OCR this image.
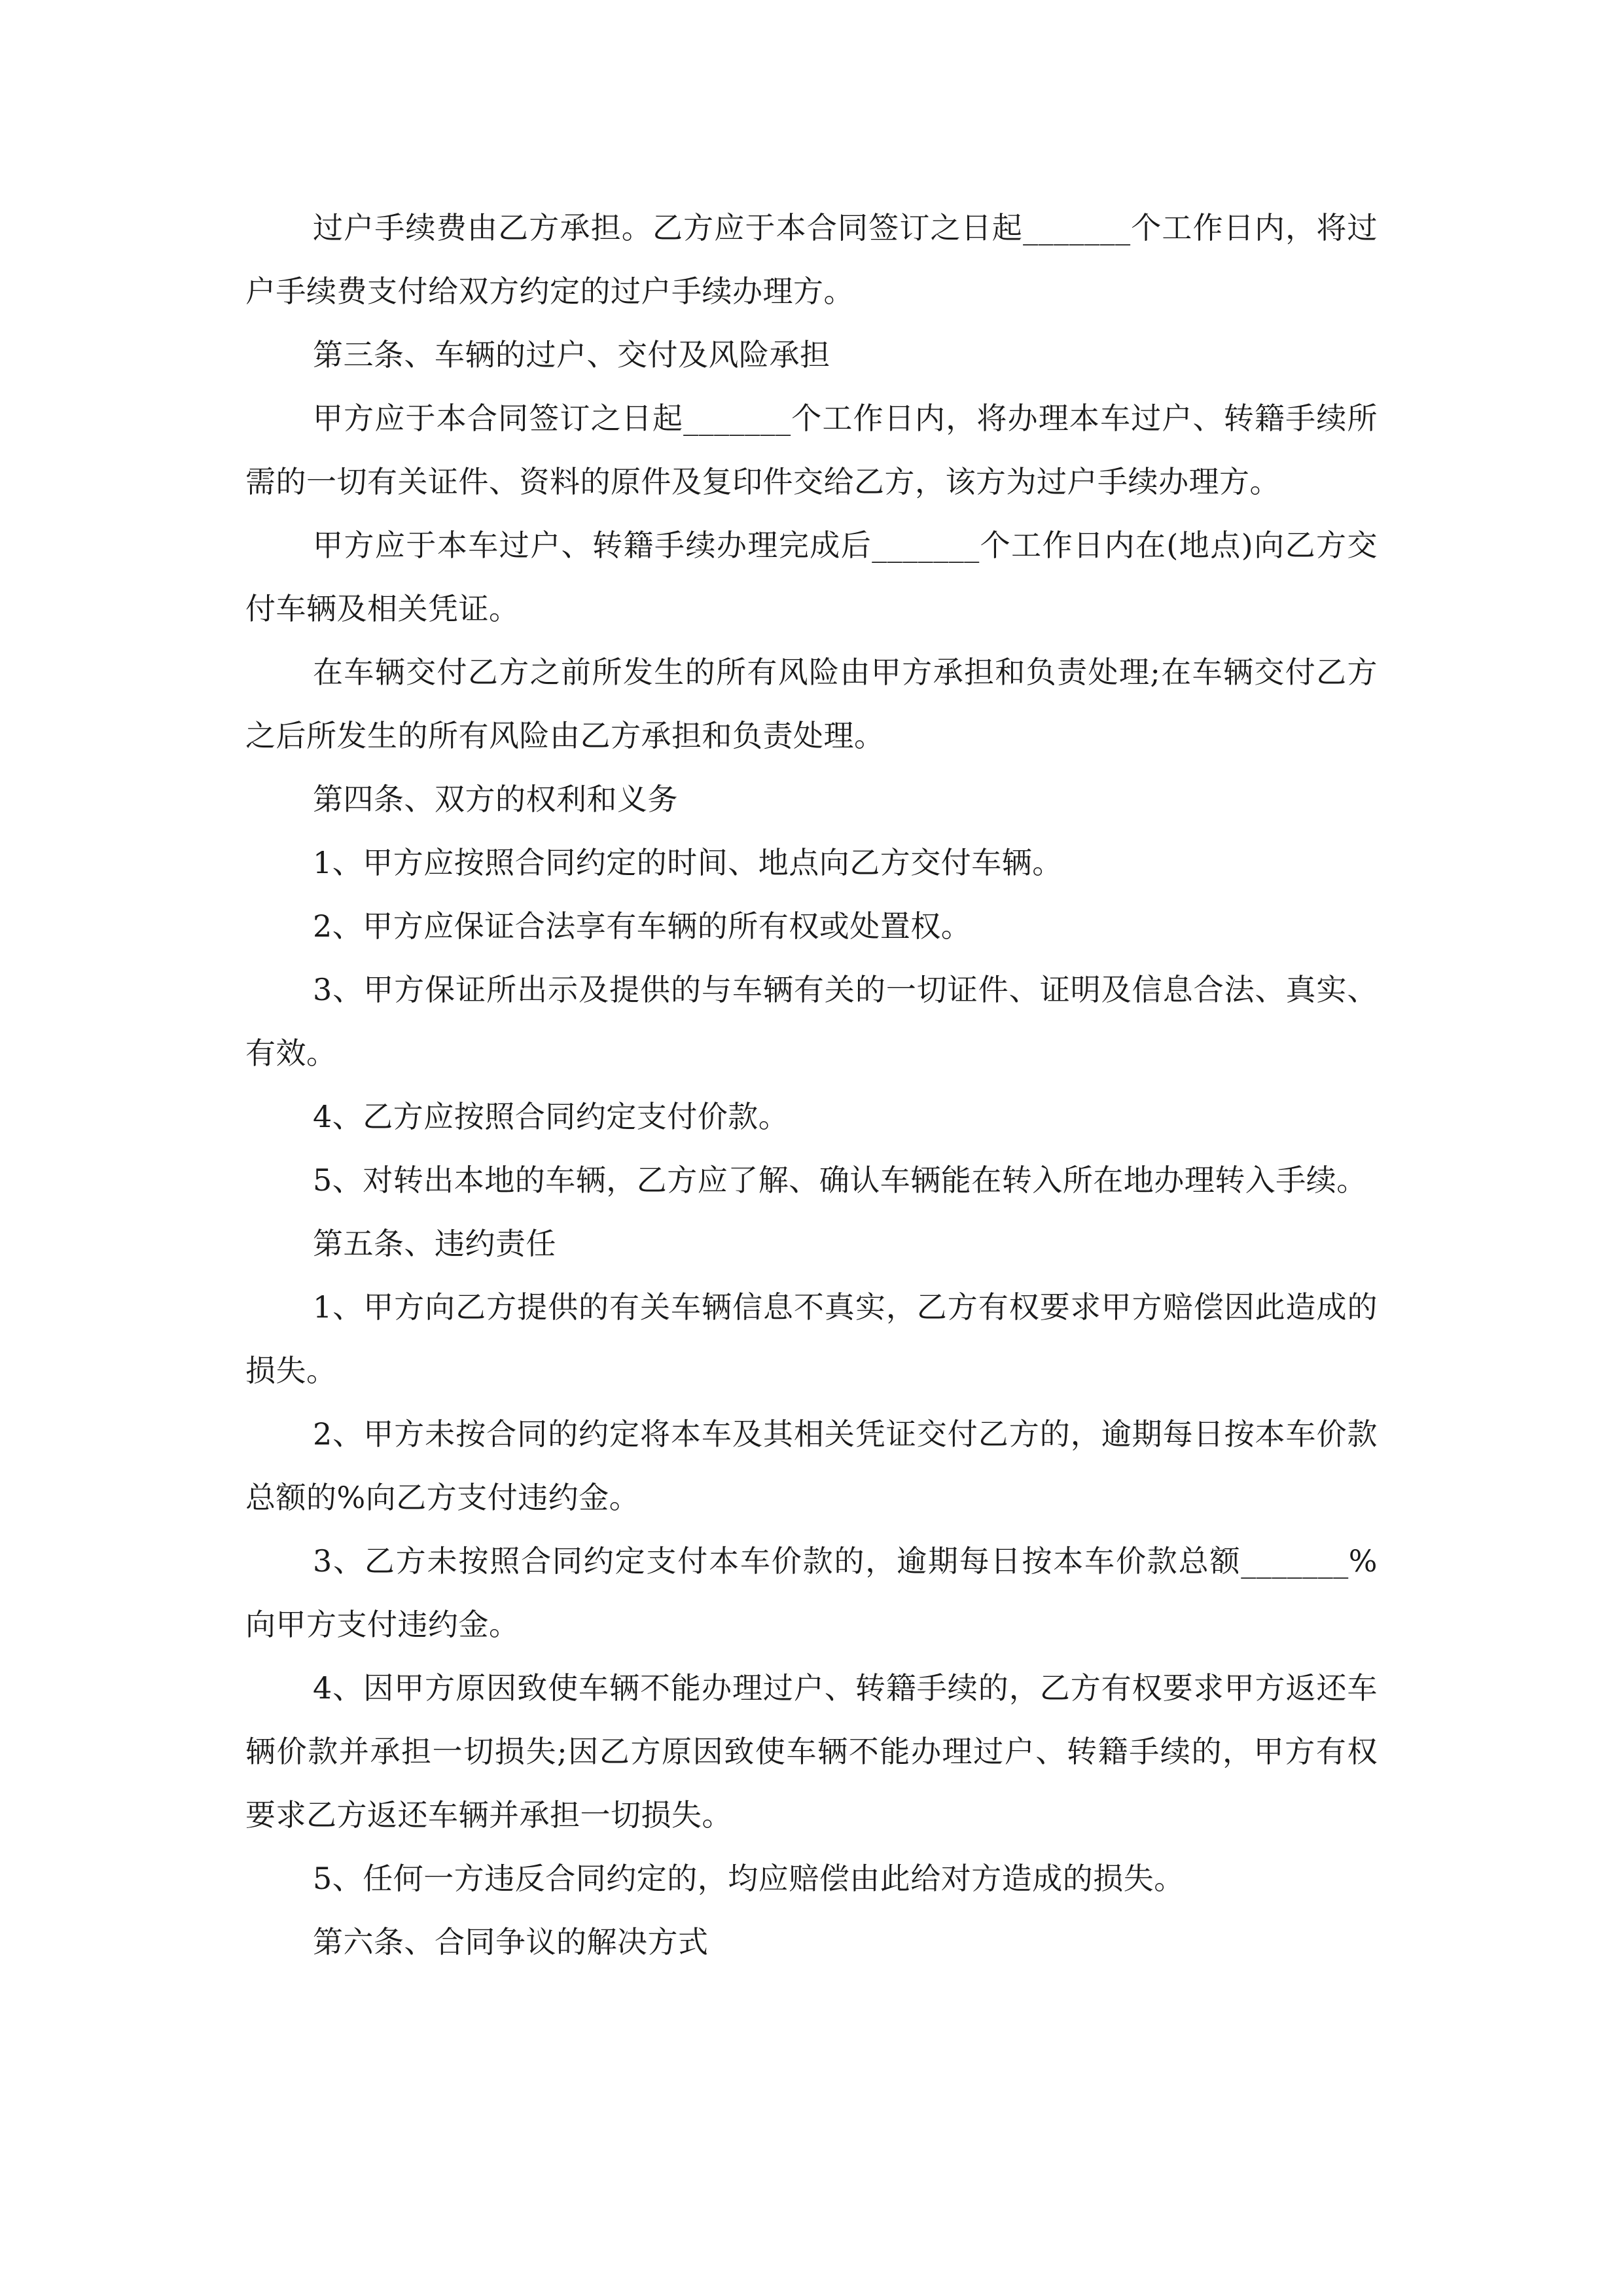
过户手续费由乙方承担。乙方应于本合同签订之日起_______个工作日内，将过户手续费支付给双方约定的过户手续办理方。

第三条、车辆的过户、交付及风险承担

甲方应于本合同签订之日起_______个工作日内，将办理本车过户、转籍手续所需的一切有关证件、资料的原件及复印件交给乙方，该方为过户手续办理方。

甲方应于本车过户、转籍手续办理完成后_______个工作日内在(地点)向乙方交付车辆及相关凭证。

在车辆交付乙方之前所发生的所有风险由甲方承担和负责处理;在车辆交付乙方之后所发生的所有风险由乙方承担和负责处理。

第四条、双方的权利和义务

1、甲方应按照合同约定的时间、地点向乙方交付车辆。

2、甲方应保证合法享有车辆的所有权或处置权。

3、甲方保证所出示及提供的与车辆有关的一切证件、证明及信息合法、真实、有效。

4、乙方应按照合同约定支付价款。

5、对转出本地的车辆，乙方应了解、确认车辆能在转入所在地办理转入手续。

第五条、违约责任

1、甲方向乙方提供的有关车辆信息不真实，乙方有权要求甲方赔偿因此造成的损失。

2、甲方未按合同的约定将本车及其相关凭证交付乙方的，逾期每日按本车价款总额的%向乙方支付违约金。

3、乙方未按照合同约定支付本车价款的，逾期每日按本车价款总额_______%向甲方支付违约金。

4、因甲方原因致使车辆不能办理过户、转籍手续的，乙方有权要求甲方返还车辆价款并承担一切损失;因乙方原因致使车辆不能办理过户、转籍手续的，甲方有权要求乙方返还车辆并承担一切损失。

5、任何一方违反合同约定的，均应赔偿由此给对方造成的损失。

第六条、合同争议的解决方式
